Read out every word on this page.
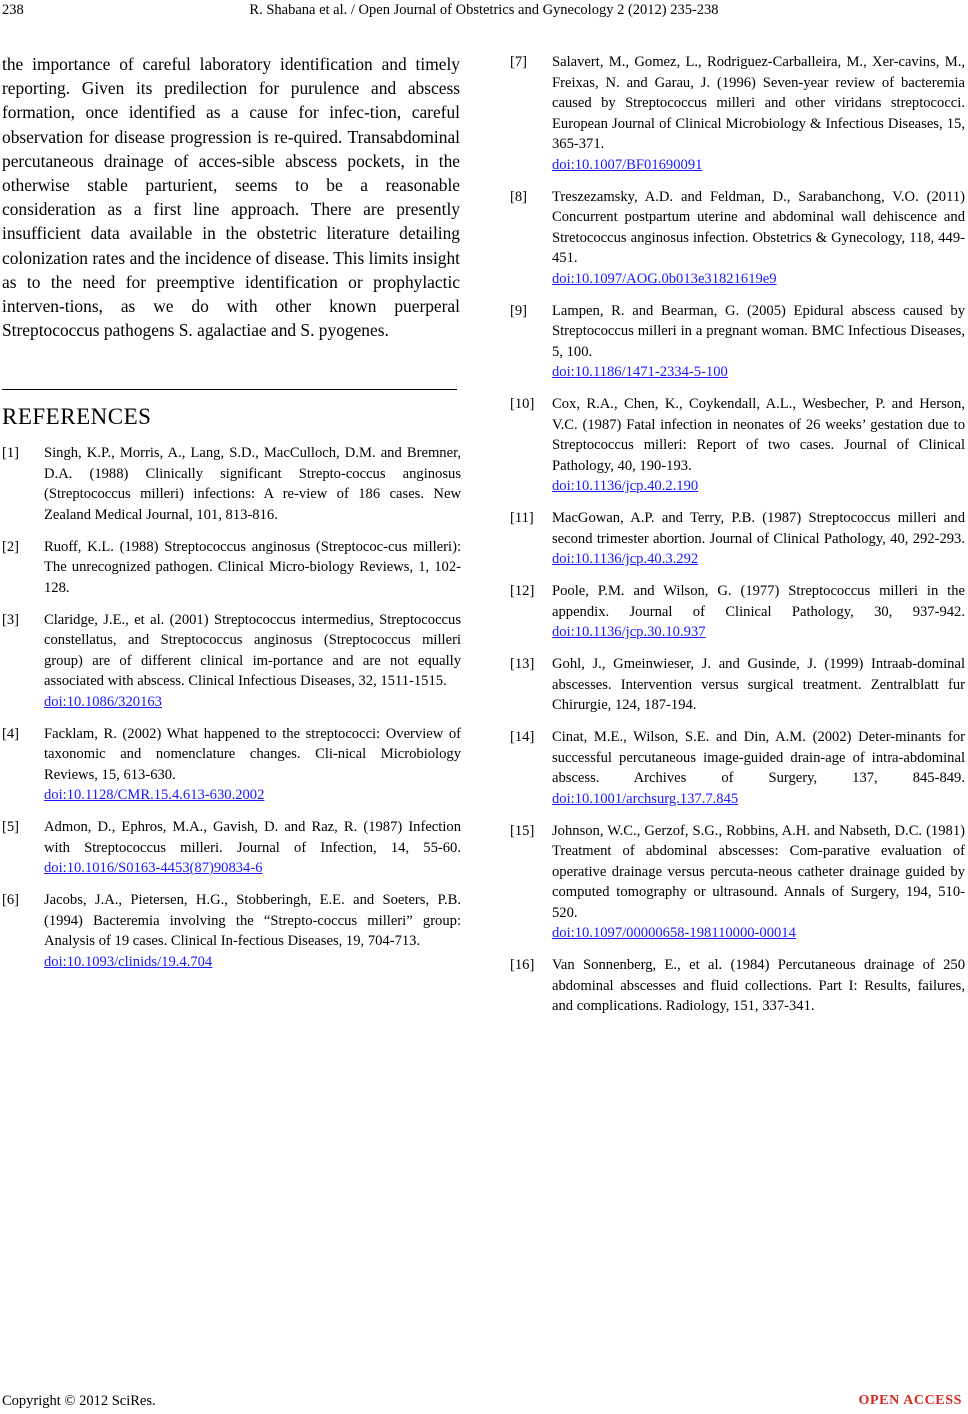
238	R. Shabana et al. / Open Journal of Obstetrics and Gynecology 2 (2012) 235-238

the importance of careful laboratory identification and timely reporting. Given its predilection for purulence and abscess formation, once identified as a cause for infec-tion, careful observation for disease progression is re-quired. Transabdominal percutaneous drainage of acces-sible abscess pockets, in the otherwise stable parturient, seems to be a reasonable consideration as a first line approach. There are presently insufficient data available in the obstetric literature detailing colonization rates and the incidence of disease. This limits insight as to the need for preemptive identification or prophylactic interven-tions, as we do with other known puerperal Streptococcus pathogens S. agalactiae and S. pyogenes.

REFERENCES
[1] Singh, K.P., Morris, A., Lang, S.D., MacCulloch, D.M. and Bremner, D.A. (1988) Clinically significant Strepto-coccus anginosus (Streptococcus milleri) infections: A re-view of 186 cases. New Zealand Medical Journal, 101, 813-816.
[2] Ruoff, K.L. (1988) Streptococcus anginosus (Streptococ-cus milleri): The unrecognized pathogen. Clinical Micro-biology Reviews, 1, 102-128.
[3] Claridge, J.E., et al. (2001) Streptococcus intermedius, Streptococcus constellatus, and Streptococcus anginosus (Streptococcus milleri group) are of different clinical im-portance and are not equally associated with abscess. Clinical Infectious Diseases, 32, 1511-1515.
doi:10.1086/320163
[4] Facklam, R. (2002) What happened to the streptococci: Overview of taxonomic and nomenclature changes. Cli-nical Microbiology Reviews, 15, 613-630.
doi:10.1128/CMR.15.4.613-630.2002
[5] Admon, D., Ephros, M.A., Gavish, D. and Raz, R. (1987) Infection with Streptococcus milleri. Journal of Infection, 14, 55-60. doi:10.1016/S0163-4453(87)90834-6
[6] Jacobs, J.A., Pietersen, H.G., Stobberingh, E.E. and Soeters, P.B. (1994) Bacteremia involving the “Strepto-coccus milleri” group: Analysis of 19 cases. Clinical In-fectious Diseases, 19, 704-713.
doi:10.1093/clinids/19.4.704
[7] Salavert, M., Gomez, L., Rodriguez-Carballeira, M., Xer-cavins, M., Freixas, N. and Garau, J. (1996) Seven-year review of bacteremia caused by Streptococcus milleri and other viridans streptococci. European Journal of Clinical Microbiology & Infectious Diseases, 15, 365-371.
doi:10.1007/BF01690091
[8] Treszezamsky, A.D. and Feldman, D., Sarabanchong, V.O. (2011) Concurrent postpartum uterine and abdominal wall dehiscence and Stretococcus anginosus infection. Obstetrics & Gynecology, 118, 449-451.
doi:10.1097/AOG.0b013e31821619e9
[9] Lampen, R. and Bearman, G. (2005) Epidural abscess caused by Streptococcus milleri in a pregnant woman. BMC Infectious Diseases, 5, 100.
doi:10.1186/1471-2334-5-100
[10] Cox, R.A., Chen, K., Coykendall, A.L., Wesbecher, P. and Herson, V.C. (1987) Fatal infection in neonates of 26 weeks’ gestation due to Streptococcus milleri: Report of two cases. Journal of Clinical Pathology, 40, 190-193.
doi:10.1136/jcp.40.2.190
[11] MacGowan, A.P. and Terry, P.B. (1987) Streptococcus milleri and second trimester abortion. Journal of Clinical Pathology, 40, 292-293. doi:10.1136/jcp.40.3.292
[12] Poole, P.M. and Wilson, G. (1977) Streptococcus milleri in the appendix. Journal of Clinical Pathology, 30, 937-942. doi:10.1136/jcp.30.10.937
[13] Gohl, J., Gmeinwieser, J. and Gusinde, J. (1999) Intraab-dominal abscesses. Intervention versus surgical treatment. Zentralblatt fur Chirurgie, 124, 187-194.
[14] Cinat, M.E., Wilson, S.E. and Din, A.M. (2002) Deter-minants for successful percutaneous image-guided drain-age of intra-abdominal abscess. Archives of Surgery, 137, 845-849. doi:10.1001/archsurg.137.7.845
[15] Johnson, W.C., Gerzof, S.G., Robbins, A.H. and Nabseth, D.C. (1981) Treatment of abdominal abscesses: Com-parative evaluation of operative drainage versus percuta-neous catheter drainage guided by computed tomography or ultrasound. Annals of Surgery, 194, 510-520.
doi:10.1097/00000658-198110000-00014
[16] Van Sonnenberg, E., et al. (1984) Percutaneous drainage of 250 abdominal abscesses and fluid collections. Part I: Results, failures, and complications. Radiology, 151, 337-341.
Copyright © 2012 SciRes.	OPEN ACCESS
